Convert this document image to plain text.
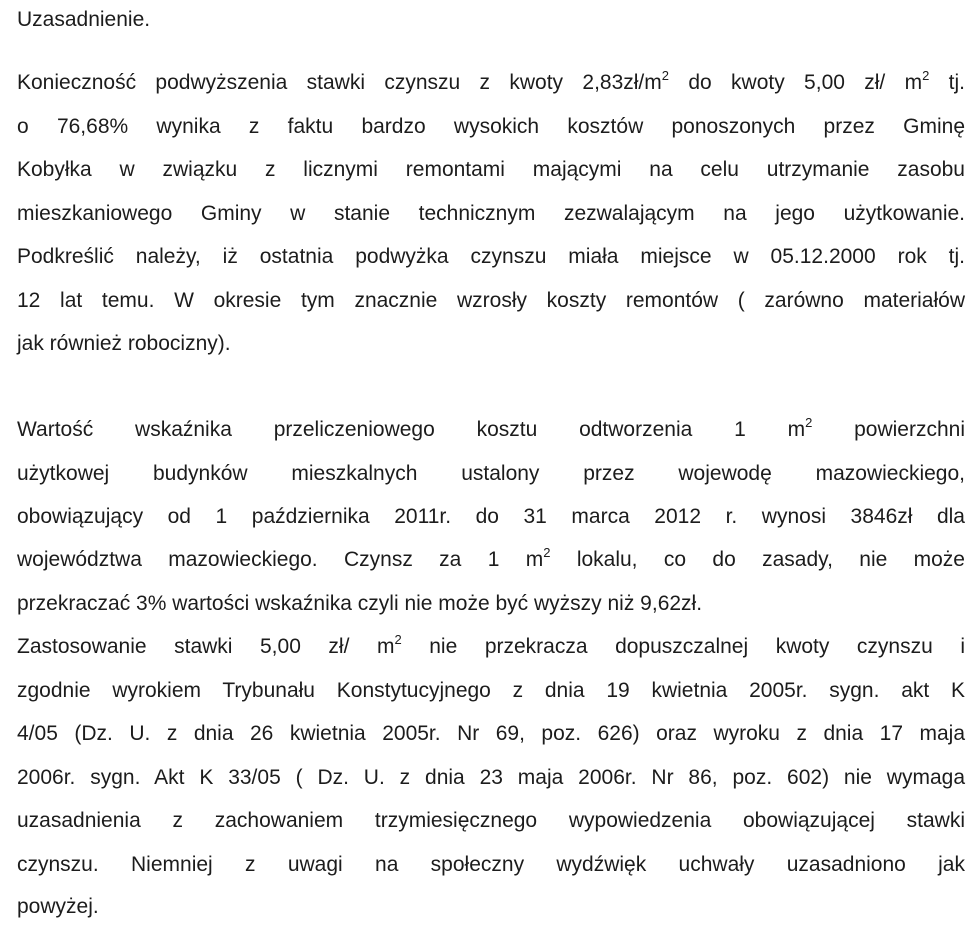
Uzasadnienie.
Konieczność podwyższenia stawki czynszu z kwoty $2,83zł/m^2$ do kwoty 5,00 zł/ $m^2$ tj.
o 76,68% wynika z faktu bardzo wysokich kosztów ponoszonych przez Gminę
Kobyłka w związku z licznymi remontami mającymi na celu utrzymanie zasobu
mieszkaniowego Gminy w stanie technicznym zezwalającym na jego użytkowanie.
Podkreślić należy, iż ostatnia podwyżka czynszu miała miejsce w 05.12.2000 rok tj.
12 lat temu. W okresie tym znacznie wzrosły koszty remontów ( zarówno materiałów
jak również robocizny).
Wartość wskaźnika przeliczeniowego kosztu odtworzenia 1 $m^2$ powierzchni
użytkowej budynków mieszkalnych ustalony przez wojewodę mazowieckiego,
obowiązujący od 1 października 2011r. do 31 marca 2012 r. wynosi 3846zł dla
województwa mazowieckiego. Czynsz za 1 $m^2$ lokalu, co do zasady, nie może
przekraczać 3% wartości wskaźnika czyli nie może być wyższy niż 9,62zł.
Zastosowanie stawki 5,00 zł/ $m^2$ nie przekracza dopuszczalnej kwoty czynszu i
zgodnie wyrokiem Trybunału Konstytucyjnego z dnia 19 kwietnia 2005r. sygn. akt K
4/05 (Dz. U. z dnia 26 kwietnia 2005r. Nr 69, poz. 626) oraz wyroku z dnia 17 maja
2006r. sygn. Akt K 33/05 ( Dz. U. z dnia 23 maja 2006r. Nr 86, poz. 602) nie wymaga
uzasadnienia z zachowaniem trzymiesięcznego wypowiedzenia obowiązującej stawki
czynszu. Niemniej z uwagi na społeczny wydźwięk uchwały uzasadniono jak
powyżej.
